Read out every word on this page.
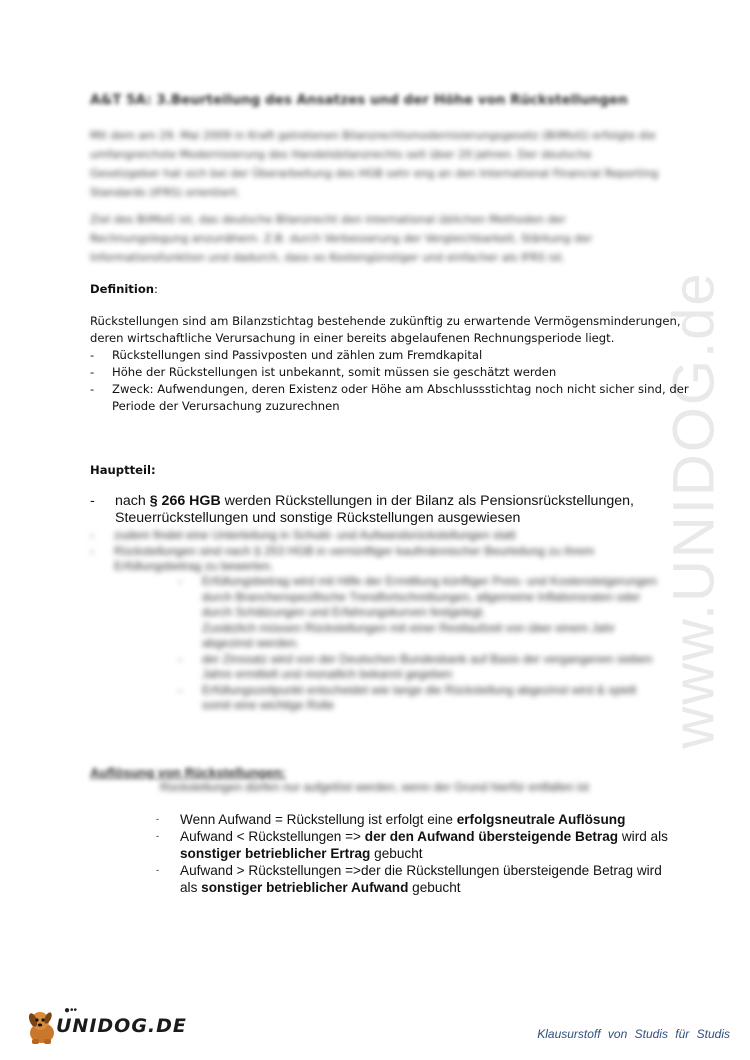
www.UNIDOG.de
A&T 5A: 3.Beurteilung des Ansatzes und der Höhe von Rückstellungen
Mit dem am 29. Mai 2009 in Kraft getretenen Bilanzrechtsmodernisierungsgesetz (BilMoG) erfolgte die umfangreichste Modernisierung des Handelsbilanzrechts seit über 20 Jahren. Der deutsche Gesetzgeber hat sich bei der Überarbeitung des HGB sehr eng an den International Financial Reporting Standards (IFRS) orientiert.
Ziel des BilMoG ist, das deutsche Bilanzrecht den international üblichen Methoden der Rechnungslegung anzunähern. Z.B. durch Verbesserung der Vergleichbarkeit, Stärkung der Informationsfunktion und dadurch, dass es Kostengünstiger und einfacher als IFRS ist.
Definition:
Rückstellungen sind am Bilanzstichtag bestehende zukünftig zu erwartende Vermögensminderungen, deren wirtschaftliche Verursachung in einer bereits abgelaufenen Rechnungsperiode liegt.
- Rückstellungen sind Passivposten und zählen zum Fremdkapital
- Höhe der Rückstellungen ist unbekannt, somit müssen sie geschätzt werden
- Zweck: Aufwendungen, deren Existenz oder Höhe am Abschlussstichtag noch nicht sicher sind, der Periode der Verursachung zuzurechnen
Hauptteil:
-	nach § 266 HGB werden Rückstellungen in der Bilanz als Pensionsrückstellungen, Steuerrückstellungen und sonstige Rückstellungen ausgewiesen
- zudem findet eine Unterteilung in Schuld- und Aufwandsrückstellungen statt
- Rückstellungen sind nach § 253 HGB in vernünftiger kaufmännischer Beurteilung zu ihrem Erfüllungsbetrag zu bewerten.
- Erfüllungsbetrag wird mit Hilfe der Ermittlung künftiger Preis- und Kostensteigerungen durch Branchenspezifische Trendfortschreibungen, allgemeine Inflationsraten oder durch Schätzungen und Erfahrungskurven festgelegt.
Zusätzlich müssen Rückstellungen mit einer Restlaufzeit von über einem Jahr abgezinst werden.
- der Zinssatz wird von der Deutschen Bundesbank auf Basis der vergangenen sieben Jahre ermittelt und monatlich bekannt gegeben
- Erfüllungszeitpunkt entscheidet wie lange die Rückstellung abgezinst wird & spielt somit eine wichtige Rolle
Auflösung von Rückstellungen:
Rückstellungen dürfen nur aufgelöst werden, wenn der Grund hierfür entfallen ist
- Wenn Aufwand = Rückstellung ist erfolgt eine erfolgsneutrale Auflösung
- Aufwand < Rückstellungen => der den Aufwand übersteigende Betrag wird als sonstiger betrieblicher Ertrag gebucht
- Aufwand > Rückstellungen =>der die Rückstellungen übersteigende Betrag wird als sonstiger betrieblicher Aufwand gebucht
●••
UNIDOG.DE	Klausurstoff von Studis für Studis
